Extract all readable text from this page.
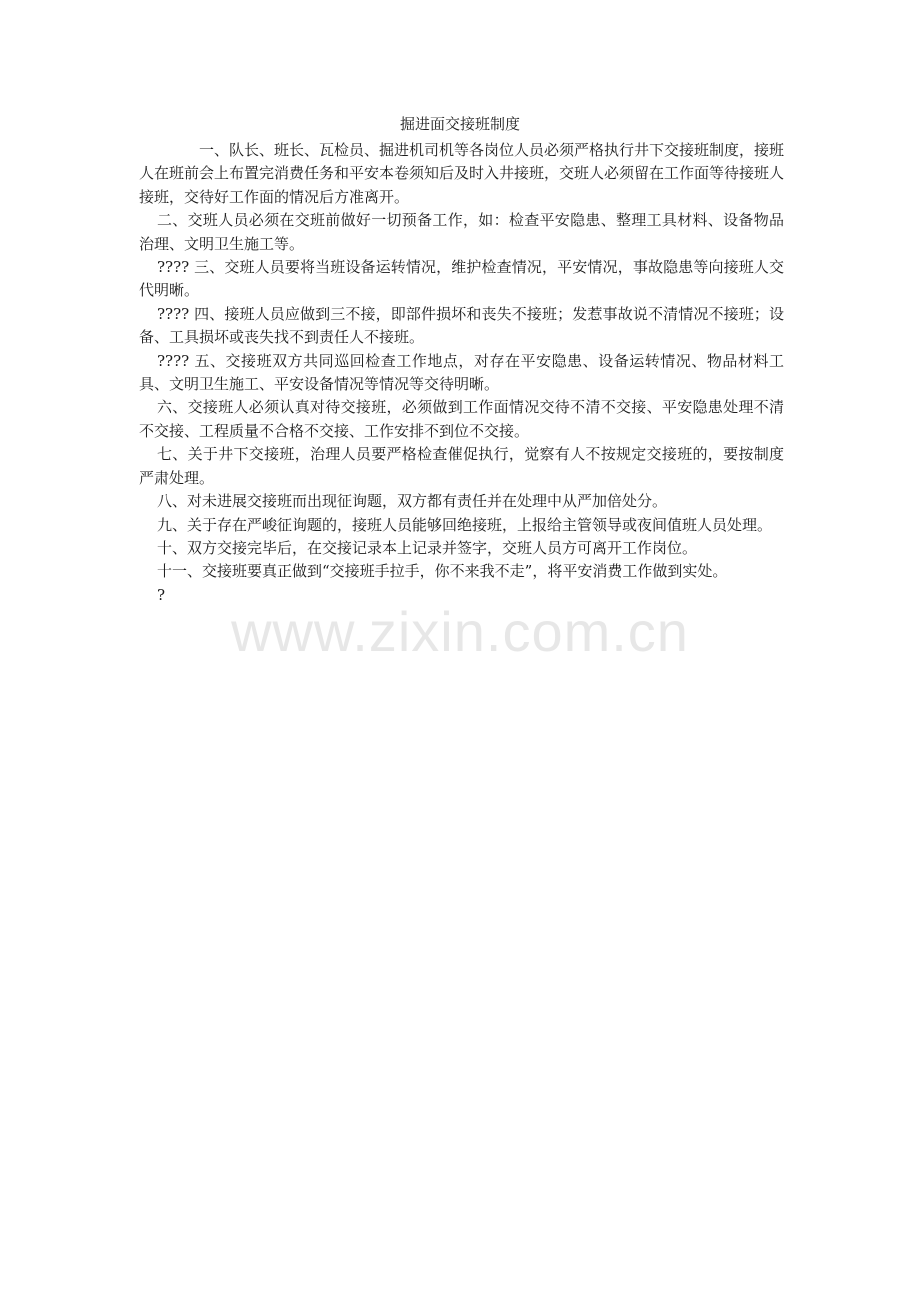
掘进面交接班制度

一、队长、班长、瓦检员、掘进机司机等各岗位人员必须严格执行井下交接班制度，接班人在班前会上布置完消费任务和平安本卷须知后及时入井接班，交班人必须留在工作面等待接班人接班，交待好工作面的情况后方准离开。

二、交班人员必须在交班前做好一切预备工作，如：检查平安隐患、整理工具材料、设备物品治理、文明卫生施工等。

???? 三、交班人员要将当班设备运转情况，维护检查情况，平安情况，事故隐患等向接班人交代明晰。

???? 四、接班人员应做到三不接，即部件损坏和丧失不接班；发惹事故说不清情况不接班；设备、工具损坏或丧失找不到责任人不接班。

???? 五、交接班双方共同巡回检查工作地点，对存在平安隐患、设备运转情况、物品材料工具、文明卫生施工、平安设备情况等情况等交待明晰。

六、交接班人必须认真对待交接班，必须做到工作面情况交待不清不交接、平安隐患处理不清不交接、工程质量不合格不交接、工作安排不到位不交接。

七、关于井下交接班，治理人员要严格检查催促执行，觉察有人不按规定交接班的，要按制度严肃处理。

八、对未进展交接班而出现征询题，双方都有责任并在处理中从严加倍处分。

九、关于存在严峻征询题的，接班人员能够回绝接班，上报给主管领导或夜间值班人员处理。

十、双方交接完毕后，在交接记录本上记录并签字，交班人员方可离开工作岗位。

十一、交接班要真正做到“交接班手拉手，你不来我不走”，将平安消费工作做到实处。

?

www.zixin.com.cn
